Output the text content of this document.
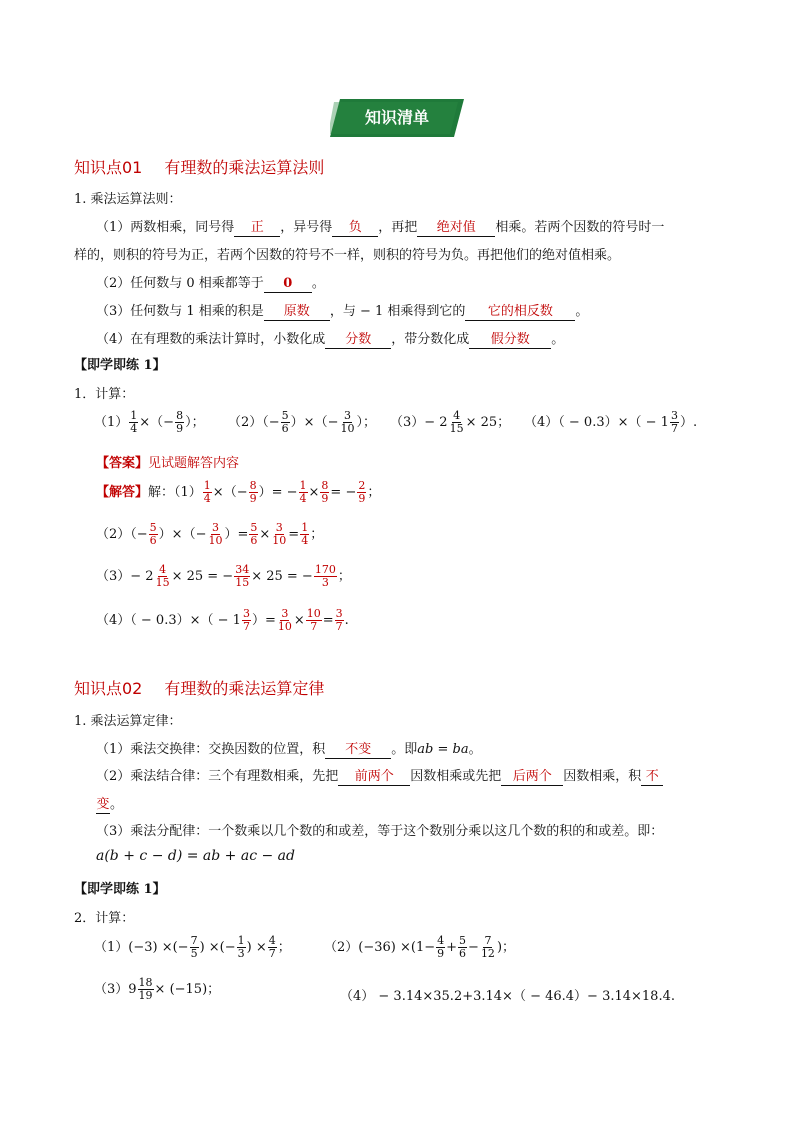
知识清单
知识点01 有理数的乘法运算法则
1. 乘法运算法则：
（1）两数相乘，同号得 正 ，异号得 负 ，再把 绝对值 相乘。若两个因数的符号时一
样的，则积的符号为正，若两个因数的符号不一样，则积的符号为负。再把他们的绝对值相乘。
（2）任何数与 0 相乘都等于 0 。
（3）任何数与 1 相乘的积是 原数 ，与 − 1 相乘得到它的 它的相反数 。
（4）在有理数的乘法计算时，小数化成 分数 ，带分数化成 假分数 。
【即学即练 1】
1．计算：
$(1) \frac{1}{4}$ ×（− $\frac{8}{9}$ ）； $(2)(- \frac{5}{6}$ ）×（− $\frac{3}{10}$ ）； $(3)- 2 \frac{4}{15} \times 25$； $(4)( - 0.3)\times( - 1 \frac{3}{7}$ ）.
【答案】见试题解答内容
【解答】解：$(1) \frac{1}{4}$ ×（− $\frac{8}{9}$ ）= − $\frac{1}{4} \times \frac{8}{9}$ = − $\frac{2}{9}$ ；
$(2)(- \frac{5}{6}$ ）×（− $\frac{3}{10}$ ）= $\frac{5}{6} \times \frac{3}{10} = \frac{1}{4}$ ；
$(3)- 2 \frac{4}{15} \times 25$ = − $\frac{34}{15} \times 25$ = − $\frac{170}{3}$ ；
$(4)( - 0.3)\times( - 1 \frac{3}{7}$ ）= $\frac{3}{10} \times \frac{10}{7} = \frac{3}{7}$ .
知识点02 有理数的乘法运算定律
1. 乘法运算定律：
（1）乘法交换律：交换因数的位置，积 不变 。即ab = ba。
（2）乘法结合律：三个有理数相乘，先把 前两个 因数相乘或先把 后两个 因数相乘，积 不
变。
（3）乘法分配律：一个数乘以几个数的和或差，等于这个数别分乘以这几个数的积的和或差。即：
a(b + c − d) = ab + ac − ad
【即学即练 1】
2．计算：
（1）(−3) ×(− $\frac{7}{5}$ ) ×(− $\frac{1}{3}$ ) × $\frac{4}{7}$ ；	$(2)(-36) \times(1- \frac{4}{9} + \frac{5}{6} - \frac{7}{12}$ )；
$(3)9 \frac{18}{19} \times (-15)$；	（4） − 3.14×35.2+3.14×（ − 46.4）− 3.14×18.4.
